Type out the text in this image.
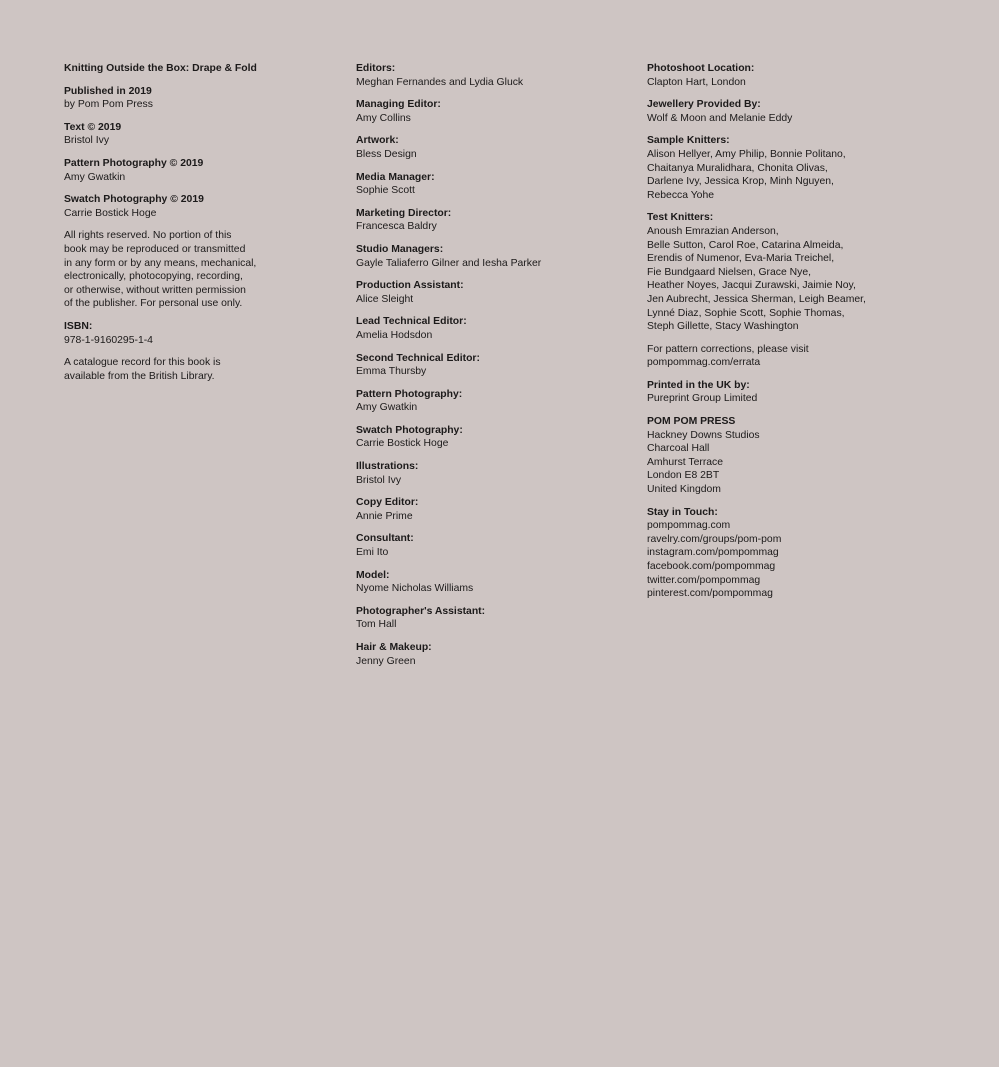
Knitting Outside the Box: Drape & Fold
Published in 2019
by Pom Pom Press
Text © 2019
Bristol Ivy
Pattern Photography © 2019
Amy Gwatkin
Swatch Photography © 2019
Carrie Bostick Hoge
All rights reserved. No portion of this
book may be reproduced or transmitted
in any form or by any means, mechanical,
electronically, photocopying, recording,
or otherwise, without written permission
of the publisher. For personal use only.
ISBN:
978-1-9160295-1-4
A catalogue record for this book is
available from the British Library.
Editors:
Meghan Fernandes and Lydia Gluck
Managing Editor:
Amy Collins
Artwork:
Bless Design
Media Manager:
Sophie Scott
Marketing Director:
Francesca Baldry
Studio Managers:
Gayle Taliaferro Gilner and Iesha Parker
Production Assistant:
Alice Sleight
Lead Technical Editor:
Amelia Hodsdon
Second Technical Editor:
Emma Thursby
Pattern Photography:
Amy Gwatkin
Swatch Photography:
Carrie Bostick Hoge
Illustrations:
Bristol Ivy
Copy Editor:
Annie Prime
Consultant:
Emi Ito
Model:
Nyome Nicholas Williams
Photographer's Assistant:
Tom Hall
Hair & Makeup:
Jenny Green
Photoshoot Location:
Clapton Hart, London
Jewellery Provided By:
Wolf & Moon and Melanie Eddy
Sample Knitters:
Alison Hellyer, Amy Philip, Bonnie Politano,
Chaitanya Muralidhara, Chonita Olivas,
Darlene Ivy, Jessica Krop, Minh Nguyen,
Rebecca Yohe
Test Knitters:
Anoush Emrazian Anderson,
Belle Sutton, Carol Roe, Catarina Almeida,
Erendis of Numenor, Eva-Maria Treichel,
Fie Bundgaard Nielsen, Grace Nye,
Heather Noyes, Jacqui Zurawski, Jaimie Noy,
Jen Aubrecht, Jessica Sherman, Leigh Beamer,
Lynné Diaz, Sophie Scott, Sophie Thomas,
Steph Gillette, Stacy Washington
For pattern corrections, please visit
pompommag.com/errata
Printed in the UK by:
Pureprint Group Limited
POM POM PRESS
Hackney Downs Studios
Charcoal Hall
Amhurst Terrace
London E8 2BT
United Kingdom
Stay in Touch:
pompommag.com
ravelry.com/groups/pom-pom
instagram.com/pompommag
facebook.com/pompommag
twitter.com/pompommag
pinterest.com/pompommag
